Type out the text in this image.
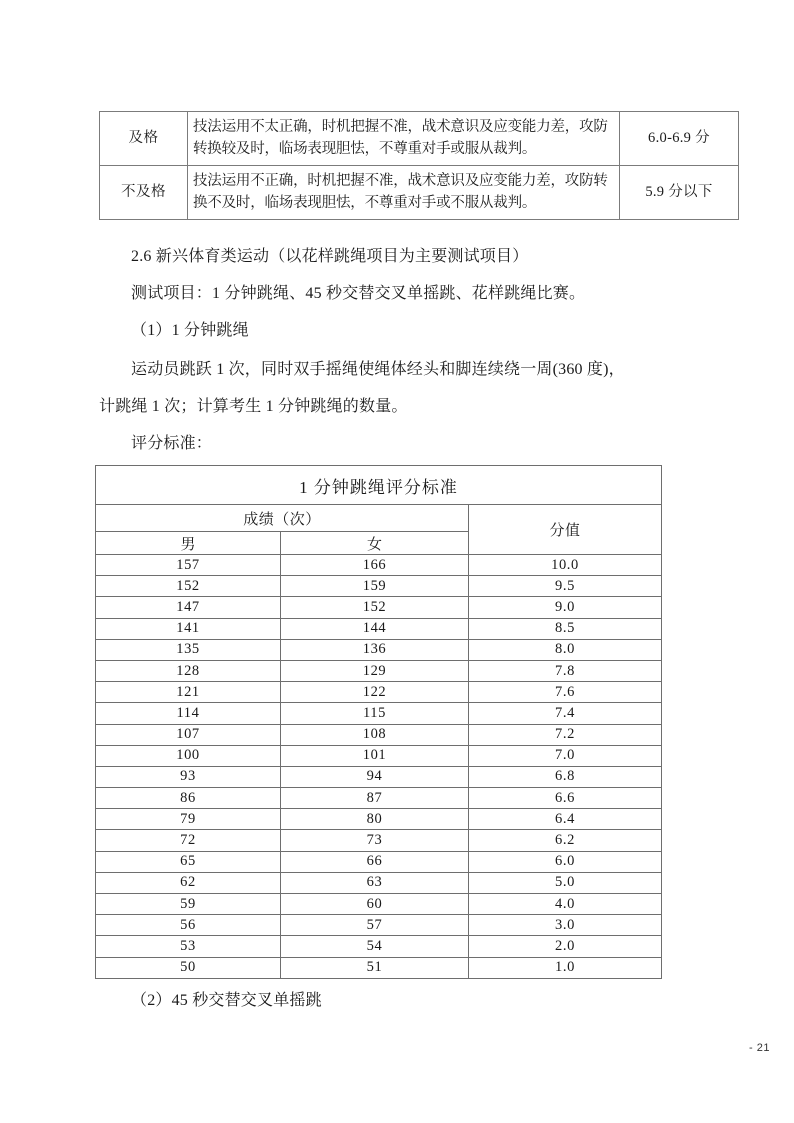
及格	技法运用不太正确，时机把握不准，战术意识及应变能力差，攻防转换较及时，临场表现胆怯，不尊重对手或服从裁判。	6.0-6.9 分
不及格	技法运用不正确，时机把握不准，战术意识及应变能力差，攻防转换不及时，临场表现胆怯，不尊重对手或不服从裁判。	5.9 分以下
2.6 新兴体育类运动（以花样跳绳项目为主要测试项目）
测试项目：1 分钟跳绳、45 秒交替交叉单摇跳、花样跳绳比赛。
（1）1 分钟跳绳
运动员跳跃 1 次，同时双手摇绳使绳体经头和脚连续绕一周(360 度)，
计跳绳 1 次；计算考生 1 分钟跳绳的数量。
评分标准：
1 分钟跳绳评分标准		
成绩（次）		分值
男	女	
157	166	10.0
152	159	9.5
147	152	9.0
141	144	8.5
135	136	8.0
128	129	7.8
121	122	7.6
114	115	7.4
107	108	7.2
100	101	7.0
93	94	6.8
86	87	6.6
79	80	6.4
72	73	6.2
65	66	6.0
62	63	5.0
59	60	4.0
56	57	3.0
53	54	2.0
50	51	1.0
（2）45 秒交替交叉单摇跳
- 21
